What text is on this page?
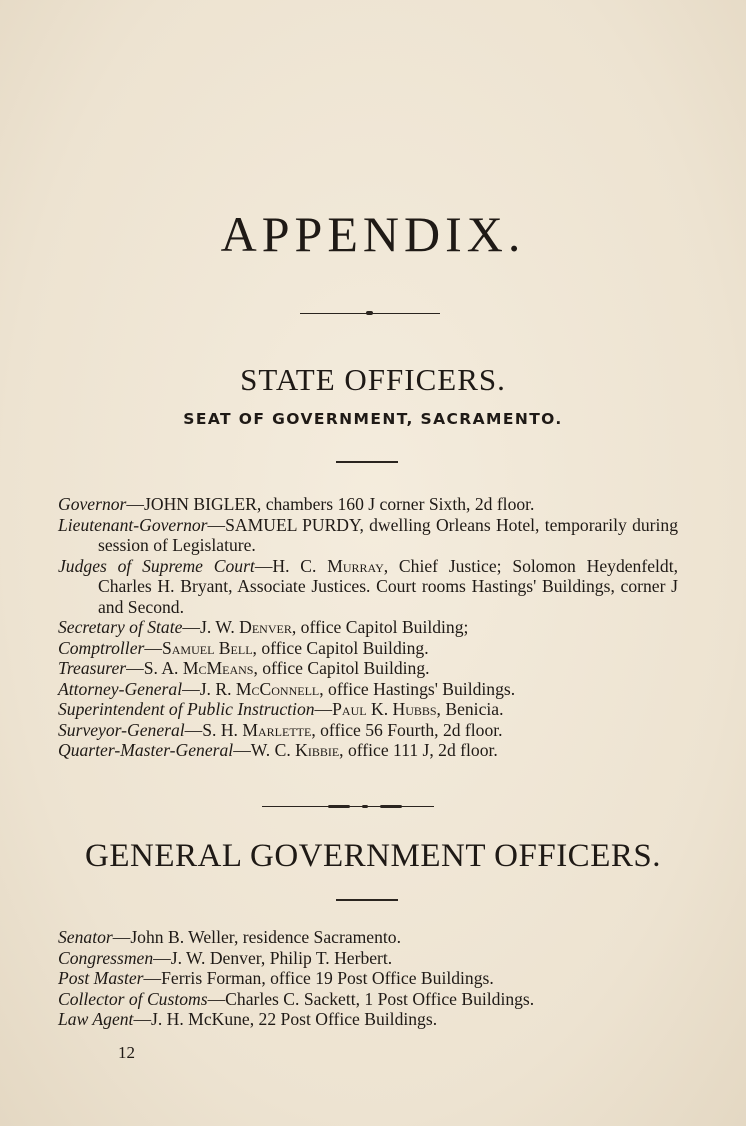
APPENDIX.
STATE OFFICERS.
SEAT OF GOVERNMENT, SACRAMENTO.

Governor—JOHN BIGLER, chambers 160 J corner Sixth, 2d floor.

Lieutenant-Governor—SAMUEL PURDY, dwelling Orleans Hotel, temporarily during session of Legislature.

Judges of Supreme Court—H. C. Murray, Chief Justice; Solomon Heydenfeldt, Charles H. Bryant, Associate Justices. Court rooms Hastings' Buildings, corner J and Second.

Secretary of State—J. W. Denver, office Capitol Building;

Comptroller—Samuel Bell, office Capitol Building.

Treasurer—S. A. McMeans, office Capitol Building.

Attorney-General—J. R. McConnell, office Hastings' Buildings.

Superintendent of Public Instruction—Paul K. Hubbs, Benicia.

Surveyor-General—S. H. Marlette, office 56 Fourth, 2d floor.

Quarter-Master-General—W. C. Kibbie, office 111 J, 2d floor.

GENERAL GOVERNMENT OFFICERS.

Senator—John B. Weller, residence Sacramento.

Congressmen—J. W. Denver, Philip T. Herbert.

Post Master—Ferris Forman, office 19 Post Office Buildings.

Collector of Customs—Charles C. Sackett, 1 Post Office Buildings.

Law Agent—J. H. McKune, 22 Post Office Buildings.

12
